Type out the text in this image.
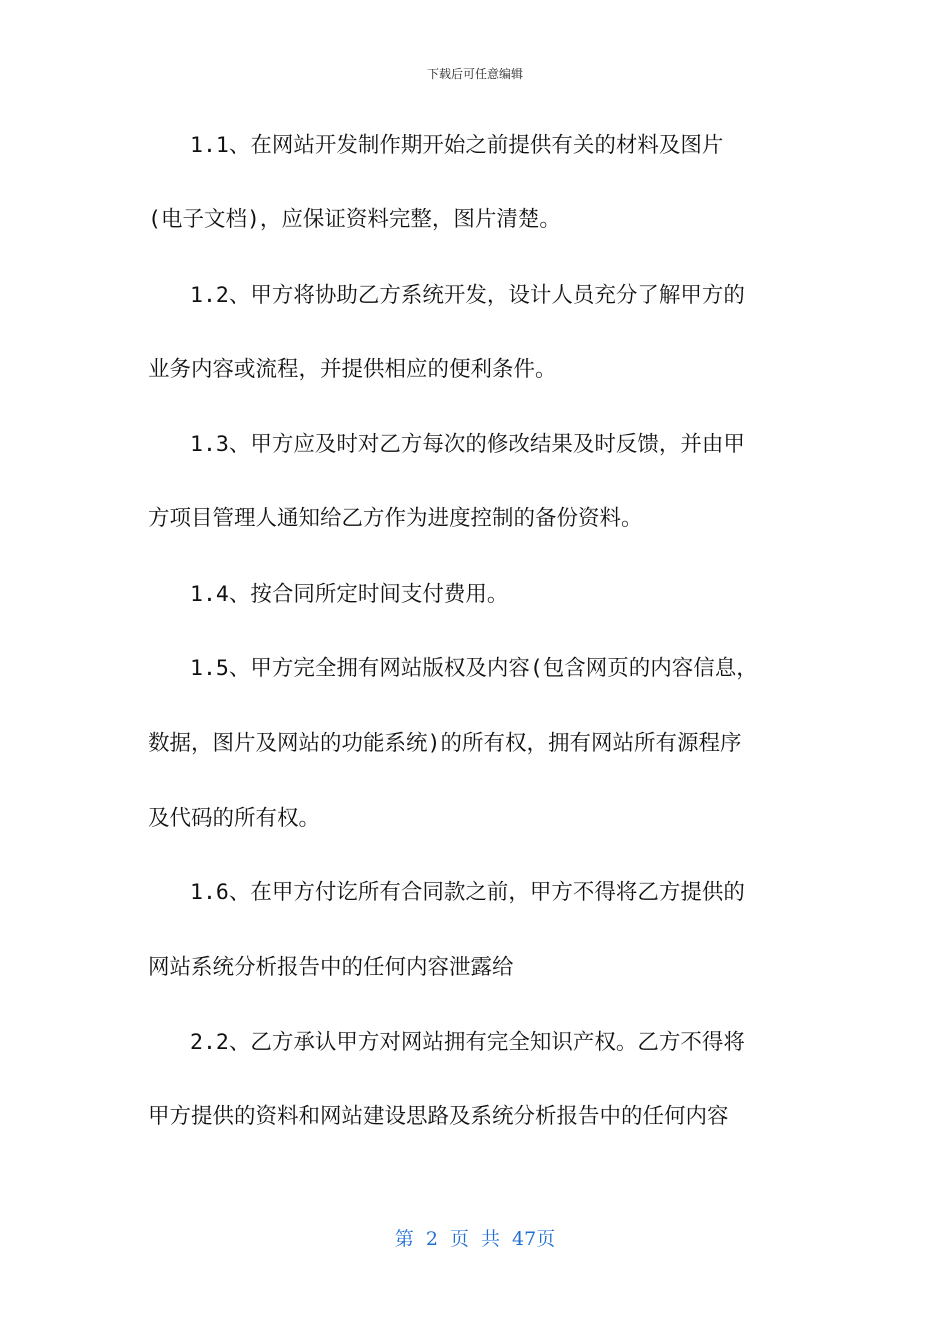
下载后可任意编辑
1.1、在网站开发制作期开始之前提供有关的材料及图片
(电子文档)，应保证资料完整，图片清楚。
1.2、甲方将协助乙方系统开发，设计人员充分了解甲方的
业务内容或流程，并提供相应的便利条件。
1.3、甲方应及时对乙方每次的修改结果及时反馈，并由甲
方项目管理人通知给乙方作为进度控制的备份资料。
1.4、按合同所定时间支付费用。
1.5、甲方完全拥有网站版权及内容(包含网页的内容信息，
数据，图片及网站的功能系统)的所有权，拥有网站所有源程序
及代码的所有权。
1.6、在甲方付讫所有合同款之前，甲方不得将乙方提供的
网站系统分析报告中的任何内容泄露给
2.2、乙方承认甲方对网站拥有完全知识产权。乙方不得将
甲方提供的资料和网站建设思路及系统分析报告中的任何内容
第 2 页 共 47页
